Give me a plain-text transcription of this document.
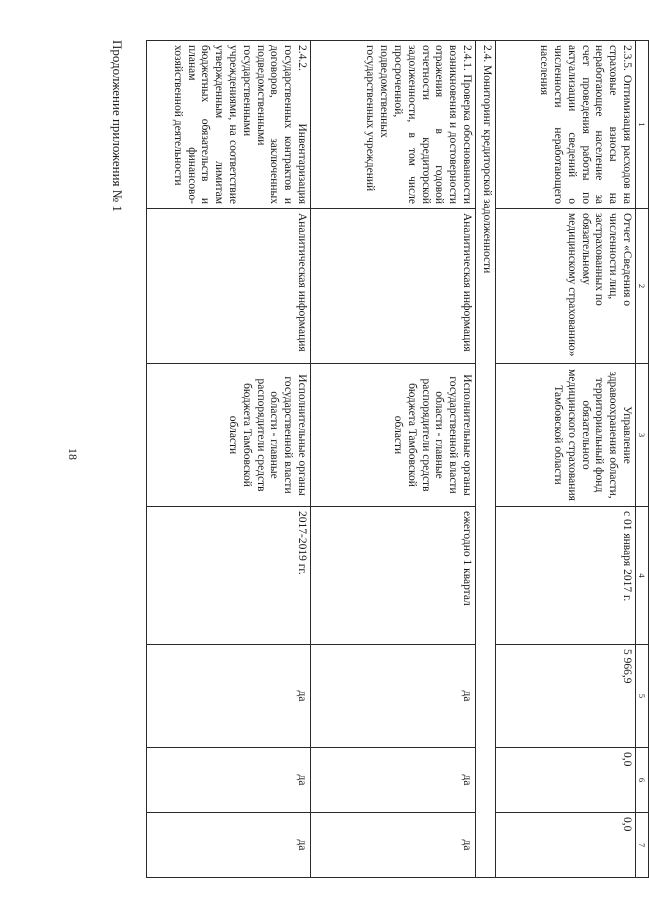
18
Продолжение приложения № 1	1	2	3	4	5	6	7
2.3.5. Оптимизация расходов на страховые взносы на неработающее население за счет проведения работы по актуализации сведений о численности неработающего населения	Отчет «Сведения о численности лиц, застрахованных по обязательному медицинскому страхованию»	Управление здравоохранения области, территориальный фонд обязательного медицинского страхования Тамбовской области	с 01 января 2017 г.	5 966,9	0,0	0,0
2.4. Мониторинг кредиторской задолженности						
2.4.1. Проверка обоснованности возникновения и достоверности отражения в годовой отчетности кредиторской задолженности, в том числе просроченной, подведомственных государственных учреждений	Аналитическая информация	Исполнительные органы государственной власти области - главные распорядители средств бюджета Тамбовской области	ежегодно 1 квартал	да	да	да
2.4.2. Инвентаризация государственных контрактов и договоров, заключенных подведомственными государственными учреждениями, на соответствие утвержденным лимитам бюджетных обязательств и планам финансово-хозяйственной деятельности	Аналитическая информация	Исполнительные органы государственной власти области - главные распорядители средств бюджета Тамбовской области	2017-2019 гг.	да	да	да
